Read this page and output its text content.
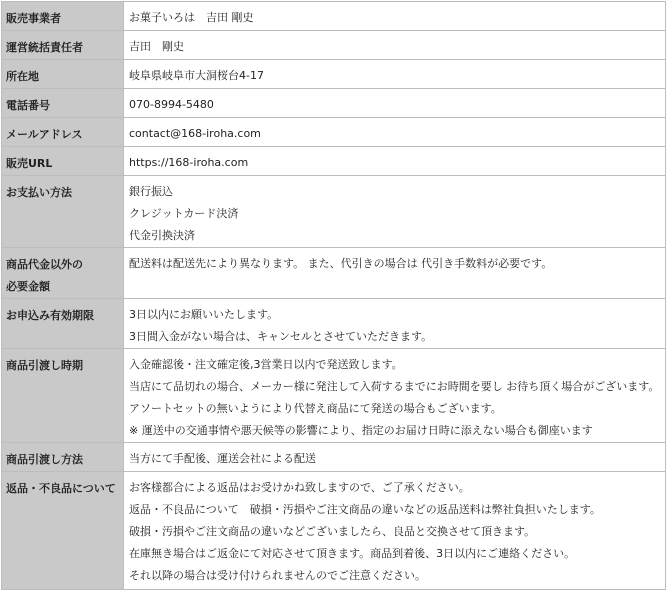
販売事業者	お菓子いろは　吉田 剛史

運営統括責任者	吉田　剛史

所在地	岐阜県岐阜市大洞桜台4-17

電話番号	070-8994-5480

メールアドレス	contact@168-iroha.com

販売URL	https://168-iroha.com

お支払い方法	銀行振込
クレジットカード決済
代金引換決済

商品代金以外の
必要金額	配送料は配送先により異なります。 また、代引きの場合は 代引き手数料が必要です。

お申込み有効期限	3日以内にお願いいたします。
3日間入金がない場合は、キャンセルとさせていただきます。

商品引渡し時期	入金確認後・注文確定後,3営業日以内で発送致します。
当店にて品切れの場合、メーカー様に発注して入荷するまでにお時間を要し お待ち頂く場合がございます。
アソートセットの無いようにより代替え商品にて発送の場合もございます。
※ 運送中の交通事情や悪天候等の影響により、指定のお届け日時に添えない場合も御座います

商品引渡し方法	当方にて手配後、運送会社による配送

返品・不良品について	お客様都合による返品はお受けかね致しますので、ご了承ください。
返品・不良品について　破損・汚損やご注文商品の違いなどの返品送料は弊社負担いたします。
破損・汚損やご注文商品の違いなどございましたら、良品と交換させて頂きます。
在庫無き場合はご返金にて対応させて頂きます。商品到着後、3日以内にご連絡ください。
それ以降の場合は受け付けられませんのでご注意ください。
